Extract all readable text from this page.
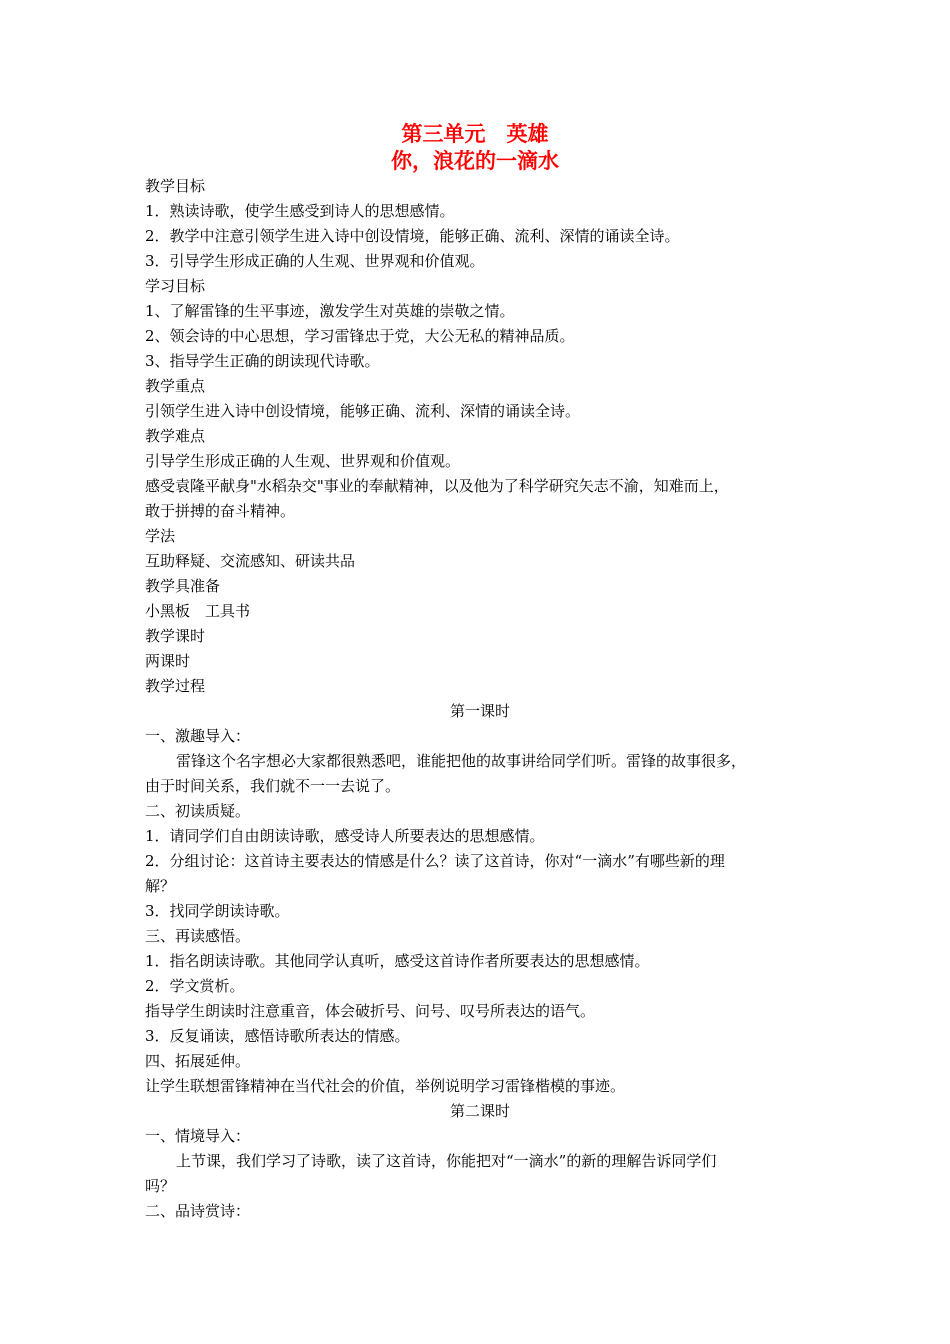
第三单元　英雄
你，浪花的一滴水
教学目标
1．熟读诗歌，使学生感受到诗人的思想感情。
2．教学中注意引领学生进入诗中创设情境，能够正确、流利、深情的诵读全诗。
3．引导学生形成正确的人生观、世界观和价值观。
学习目标
1、了解雷锋的生平事迹，激发学生对英雄的崇敬之情。
2、领会诗的中心思想，学习雷锋忠于党，大公无私的精神品质。
3、指导学生正确的朗读现代诗歌。
教学重点
引领学生进入诗中创设情境，能够正确、流利、深情的诵读全诗。
教学难点
引导学生形成正确的人生观、世界观和价值观。
感受袁隆平献身"水稻杂交"事业的奉献精神，以及他为了科学研究矢志不渝，知难而上，
敢于拼搏的奋斗精神。
学法
互助释疑、交流感知、研读共品
教学具准备
小黑板　工具书
教学课时
两课时
教学过程
第一课时
一、激趣导入：
雷锋这个名字想必大家都很熟悉吧，谁能把他的故事讲给同学们听。雷锋的故事很多，
由于时间关系，我们就不一一去说了。
二、初读质疑。
1．请同学们自由朗读诗歌，感受诗人所要表达的思想感情。
2．分组讨论：这首诗主要表达的情感是什么？读了这首诗，你对“一滴水”有哪些新的理
解？
3．找同学朗读诗歌。
三、再读感悟。
1．指名朗读诗歌。其他同学认真听，感受这首诗作者所要表达的思想感情。
2．学文赏析。
指导学生朗读时注意重音，体会破折号、问号、叹号所表达的语气。
3．反复诵读，感悟诗歌所表达的情感。
四、拓展延伸。
让学生联想雷锋精神在当代社会的价值，举例说明学习雷锋楷模的事迹。
第二课时
一、情境导入：
上节课，我们学习了诗歌，读了这首诗，你能把对“一滴水”的新的理解告诉同学们
吗？
二、品诗赏诗：
